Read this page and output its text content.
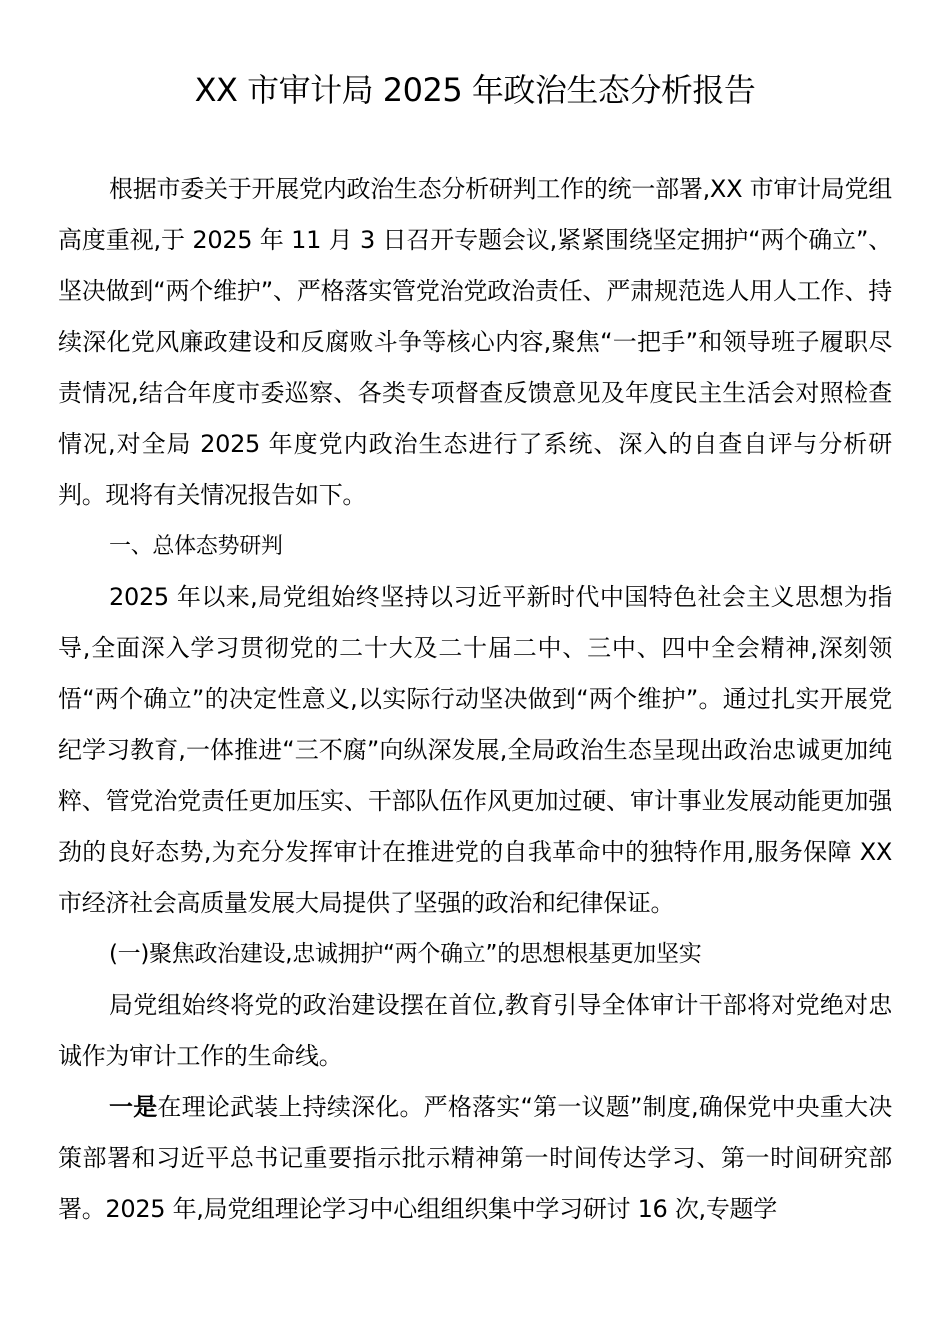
XX 市审计局 2025 年政治生态分析报告

根据市委关于开展党内政治生态分析研判工作的统一部署,XX 市审计局党组高度重视,于 2025 年 11 月 3 日召开专题会议,紧紧围绕坚定拥护“两个确立”、坚决做到“两个维护”、严格落实管党治党政治责任、严肃规范选人用人工作、持续深化党风廉政建设和反腐败斗争等核心内容,聚焦“一把手”和领导班子履职尽责情况,结合年度市委巡察、各类专项督查反馈意见及年度民主生活会对照检查情况,对全局 2025 年度党内政治生态进行了系统、深入的自查自评与分析研判。现将有关情况报告如下。

一、总体态势研判

2025 年以来,局党组始终坚持以习近平新时代中国特色社会主义思想为指导,全面深入学习贯彻党的二十大及二十届二中、三中、四中全会精神,深刻领悟“两个确立”的决定性意义,以实际行动坚决做到“两个维护”。通过扎实开展党纪学习教育,一体推进“三不腐”向纵深发展,全局政治生态呈现出政治忠诚更加纯粹、管党治党责任更加压实、干部队伍作风更加过硬、审计事业发展动能更加强劲的良好态势,为充分发挥审计在推进党的自我革命中的独特作用,服务保障 XX 市经济社会高质量发展大局提供了坚强的政治和纪律保证。

(一)聚焦政治建设,忠诚拥护“两个确立”的思想根基更加坚实

局党组始终将党的政治建设摆在首位,教育引导全体审计干部将对党绝对忠诚作为审计工作的生命线。

一是在理论武装上持续深化。严格落实“第一议题”制度,确保党中央重大决策部署和习近平总书记重要指示批示精神第一时间传达学习、第一时间研究部署。2025 年,局党组理论学习中心组组织集中学习研讨 16 次,专题学
